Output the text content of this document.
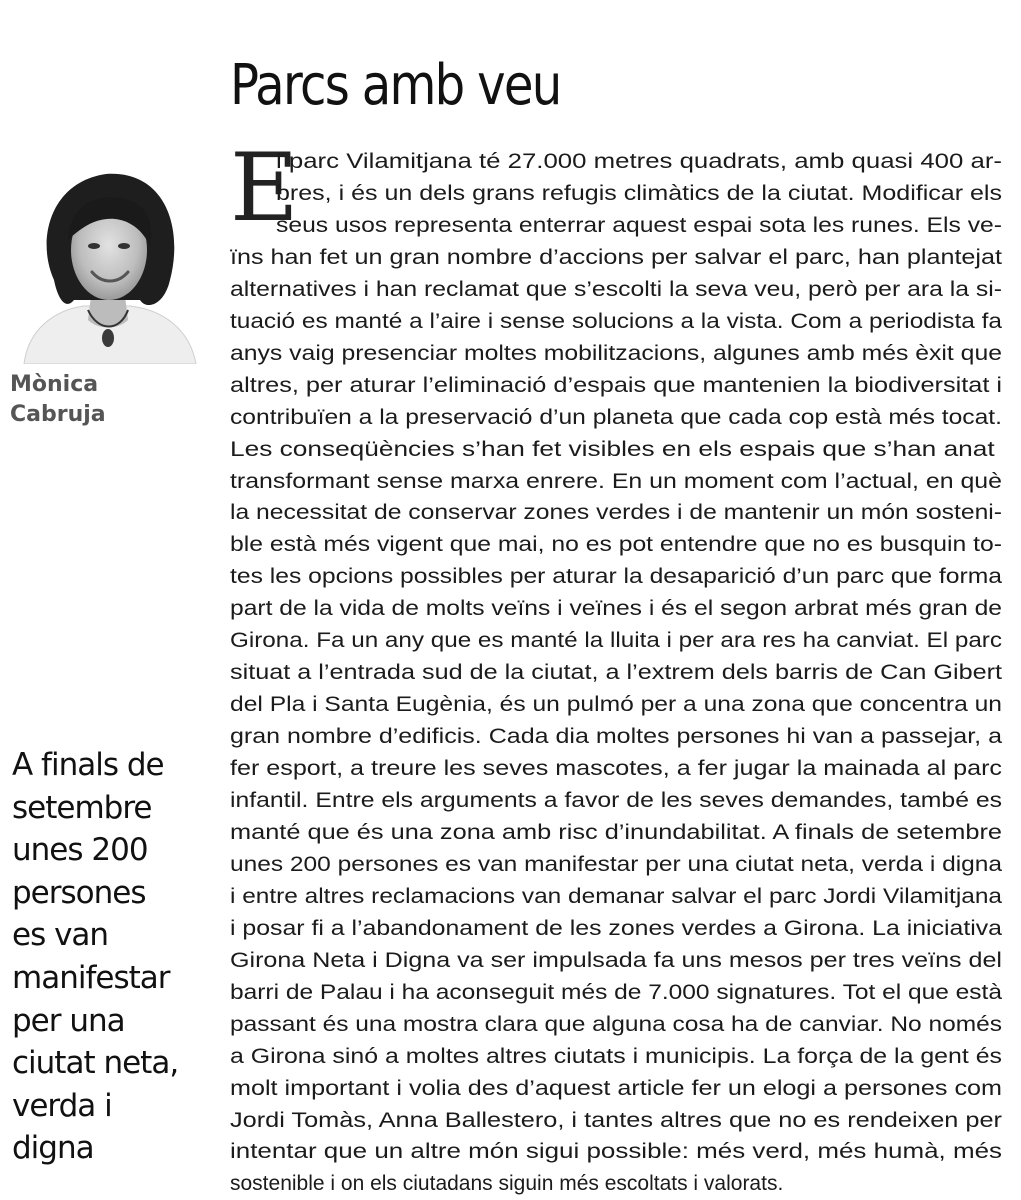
Parcs amb veu
Mònica
Cabruja
A finals de
setembre
unes 200
persones
es van
manifestar
per una
ciutat neta,
verda i
digna
E
l parc Vilamitjana té 27.000 metres quadrats, amb quasi 400 ar-
bres, i és un dels grans refugis climàtics de la ciutat. Modificar els
seus usos representa enterrar aquest espai sota les runes. Els ve-
ïns han fet un gran nombre d’accions per salvar el parc, han plantejat
alternatives i han reclamat que s’escolti la seva veu, però per ara la si-
tuació es manté a l’aire i sense solucions a la vista. Com a periodista fa
anys vaig presenciar moltes mobilitzacions, algunes amb més èxit que
altres, per aturar l’eliminació d’espais que mantenien la biodiversitat i
contribuïen a la preservació d’un planeta que cada cop està més tocat.
Les conseqüències s’han fet visibles en els espais que s’han anat
transformant sense marxa enrere. En un moment com l’actual, en què
la necessitat de conservar zones verdes i de mantenir un món sosteni-
ble està més vigent que mai, no es pot entendre que no es busquin to-
tes les opcions possibles per aturar la desaparició d’un parc que forma
part de la vida de molts veïns i veïnes i és el segon arbrat més gran de
Girona. Fa un any que es manté la lluita i per ara res ha canviat. El parc
situat a l’entrada sud de la ciutat, a l’extrem dels barris de Can Gibert
del Pla i Santa Eugènia, és un pulmó per a una zona que concentra un
gran nombre d’edificis. Cada dia moltes persones hi van a passejar, a
fer esport, a treure les seves mascotes, a fer jugar la mainada al parc
infantil. Entre els arguments a favor de les seves demandes, també es
manté que és una zona amb risc d’inundabilitat. A finals de setembre
unes 200 persones es van manifestar per una ciutat neta, verda i digna
i entre altres reclamacions van demanar salvar el parc Jordi Vilamitjana
i posar fi a l’abandonament de les zones verdes a Girona. La iniciativa
Girona Neta i Digna va ser impulsada fa uns mesos per tres veïns del
barri de Palau i ha aconseguit més de 7.000 signatures. Tot el que està
passant és una mostra clara que alguna cosa ha de canviar. No només
a Girona sinó a moltes altres ciutats i municipis. La força de la gent és
molt important i volia des d’aquest article fer un elogi a persones com
Jordi Tomàs, Anna Ballestero, i tantes altres que no es rendeixen per
intentar que un altre món sigui possible: més verd, més humà, més
sostenible i on els ciutadans siguin més escoltats i valorats.
